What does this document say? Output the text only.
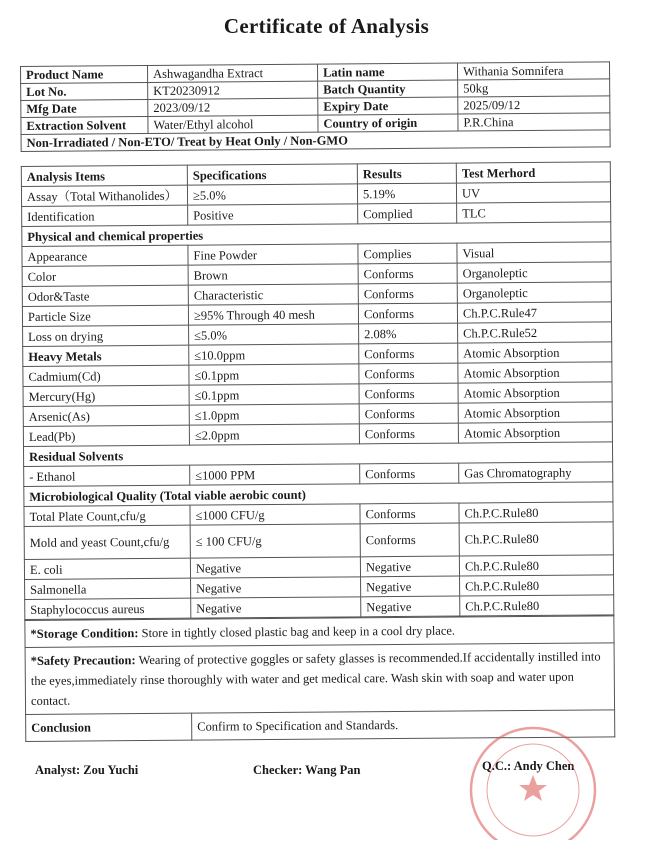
Certificate of Analysis
Product Name	Ashwagandha Extract	Latin name	Withania Somnifera
Lot No.	KT20230912	Batch Quantity	50kg
Mfg Date	2023/09/12	Expiry Date	2025/09/12
Extraction Solvent	Water/Ethyl alcohol	Country of origin	P.R.China
Non-Irradiated / Non-ETO/ Treat by Heat Only / Non-GMO			
Analysis Items	Specifications	Results	Test Merhord
Assay（Total Withanolides）	≥5.0%	5.19%	UV
Identification	Positive	Complied	TLC
Physical and chemical properties			
Appearance	Fine Powder	Complies	Visual
Color	Brown	Conforms	Organoleptic
Odor&Taste	Characteristic	Conforms	Organoleptic
Particle Size	≥95% Through 40 mesh	Conforms	Ch.P.C.Rule47
Loss on drying	≤5.0%	2.08%	Ch.P.C.Rule52
Heavy Metals	≤10.0ppm	Conforms	Atomic Absorption
Cadmium(Cd)	≤0.1ppm	Conforms	Atomic Absorption
Mercury(Hg)	≤0.1ppm	Conforms	Atomic Absorption
Arsenic(As)	≤1.0ppm	Conforms	Atomic Absorption
Lead(Pb)	≤2.0ppm	Conforms	Atomic Absorption
Residual Solvents			
- Ethanol	≤1000 PPM	Conforms	Gas Chromatography
Microbiological Quality (Total viable aerobic count)			
Total Plate Count,cfu/g	≤1000 CFU/g	Conforms	Ch.P.C.Rule80
Mold and yeast Count,cfu/g	≤ 100 CFU/g	Conforms	Ch.P.C.Rule80
E. coli	Negative	Negative	Ch.P.C.Rule80
Salmonella	Negative	Negative	Ch.P.C.Rule80
Staphylococcus aureus	Negative	Negative	Ch.P.C.Rule80
*Storage Condition: Store in tightly closed plastic bag and keep in a cool dry place.
*Safety Precaution: Wearing of protective goggles or safety glasses is recommended.If accidentally instilled into the eyes,immediately rinse thoroughly with water and get medical care. Wash skin with soap and water upon contact.
Conclusion	Confirm to Specification and Standards.
Analyst: Zou Yuchi	Checker: Wang Pan	Q.C.: Andy Chen
